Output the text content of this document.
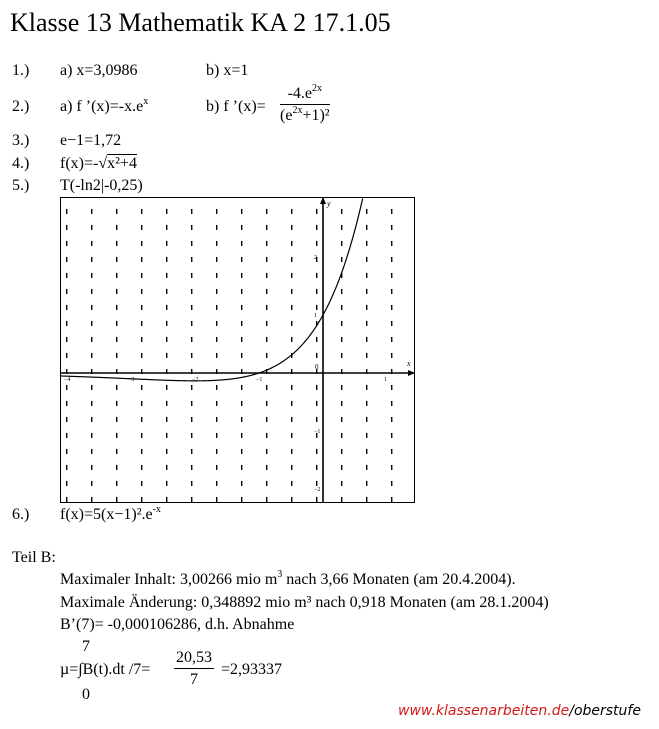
Klasse 13 Mathematik KA 2 17.1.05
1.) a) x=3,0986	b) x=1
2.) a) f $’(x)=-x.e^x$	b) f ’(x)= $\frac{-4.e^{2x}}{(e^{2x}+1)^2}$
3.) e−1=1,72
4.) f(x)=-√x²+4
5.) T(-ln2|-0,25)
x
y
0
−4	−3	−2	−1	1
2
1
−1
−2
6.) $f(x)=5(x-1)^2.e^{-x}$
Teil B:
Maximaler Inhalt: 3,00266 mio $m^3$ nach 3,66 Monaten (am 20.4.2004).
Maximale Änderung: 0,348892 mio m³ nach 0,918 Monaten (am 28.1.2004)
B’(7)= -0,000106286, d.h. Abnahme
7
µ=∫B(t).dt $/7= \frac{20,53}{7} =2,93337$
0
www.klassenarbeiten.de/oberstufe
